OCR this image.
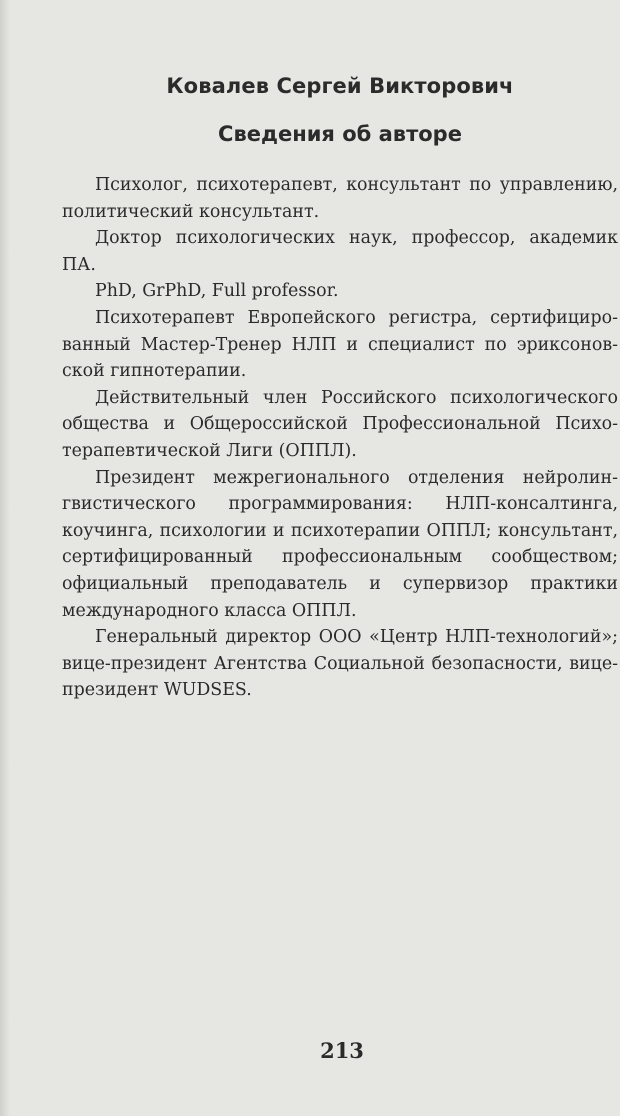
Ковалев Сергей Викторович
Сведения об авторе

Психолог, психотерапевт, консультант по управлению, политический консультант.

Доктор психологических наук, профессор, академик ПА.

PhD, GrPhD, Full professor.

Психотерапевт Европейского регистра, сертифицированный Мастер-Тренер НЛП и специалист по эриксоновской гипнотерапии.

Действительный член Российского психологического общества и Общероссийской Профессиональной Психотерапевтической Лиги (ОППЛ).

Президент межрегионального отделения нейролингвистического программирования: НЛП-консалтинга, коучинга, психологии и психотерапии ОППЛ; консультант, сертифицированный профессиональным сообществом; официальный преподаватель и супервизор практики международного класса ОППЛ.

Генеральный директор ООО «Центр НЛП-технологий»; вице-президент Агентства Социальной безопасности, вице-президент WUDSES.

213
